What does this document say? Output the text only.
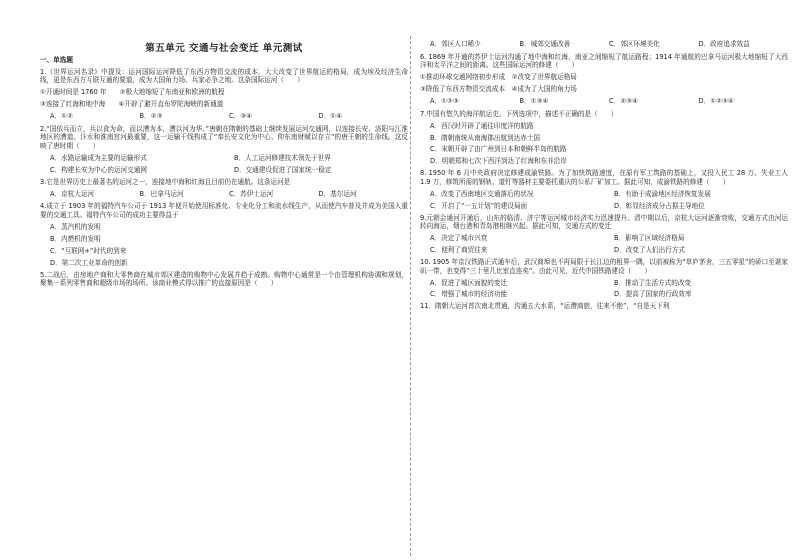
第五单元 交通与社会变迁 单元测试
一、单选题

1.《世界运河名录》中提及：运河国际运河降低了东西方物资交流的成本，大大改变了世界航运的格局，成为埃及经济生命线，更是东西方互联互通的要道，成为大国角力场、兵家必争之地。这条国际运河（　　）

①开通时间是 1760 年　　②极大地缩短了东南亚和欧洲的航程

③连接了红海和地中海　　④开辟了避开直布罗陀海峡的新通道

A．①②	B．②③	C．③④	D．①④

2.“国依兵而立，兵以食为命，而以漕为本，漕以河为华。”唐朝在隋朝的基础上继续发展运河交通网，以连接长安、洛阳与江淮地区的漕道、汴水和淮南宫河最重要，这一运输干线构成了“奉长安文化为中心、仰东南财赋以存立”的唐王朝的生命线。这反映了唐时期（　　）

A．水路运输成为主要的运输形式	B．人工运河修建技术领先于世界
C．构建长安为中心的运河交通网	D．交通建设促进了国家统一稳定

3.它是世界历史上最著名的运河之一，连接地中海和红海且目前仍在通航。这条运河是

A．京杭大运河	B．巴拿马运河	C．苏伊士运河	D．基尔运河

4.成立于 1903 年的福特汽车公司于 1913 年便开始使用标准化、专业化分工和流水线生产，从而使汽车普及并成为美国人重要的交通工具。福特汽车公司的成功主要得益于

A．蒸汽机的发明
B．内燃机的发明
C．“互联网+”时代的到来
D．第二次工业革命的创新

5.二战后，由房地产商和大零售商在城市郊区建造的购物中心发展并趋于成熟。购物中心通常是一个由管理机构协调和规划，聚集一系列零售商和超级市场的场所。该商业模式得以推广的直接原因是（　　）

A．郊区人口稀少	B．城郊交通改善	C．郊区环境美化	D．政府追求效益

6. 1869 年开通的苏伊士运河沟通了地中海和红海，南亚之间缩短了航运路程；1914 年通航的巴拿马运河极大地缩短了大西洋和太平洋之间的距离。这些国际运河的修建（　　）

①推动环球交通网络初步形成　②改变了世界航运格局

③降低了东西方物资交流成本　④成为了大国的角力场

A．①②③	B．①③④	C．②③④	D．①②③④

7.中国有悠久的海洋航运史。下列选项中，描述不正确的是（　　）

A．西汉时开辟了通往印度洋的航路
B．隋朝南统从南海郡出航到达赤土国
C．宋朝开辟了由广州到日本和朝鲜半岛的航路
D．明朝郑和七次下西洋到达了红海和东非沿岸

8. 1950 年 6 月中央政府决定修建成渝铁路。为了加快筑路速度，在原有军工筑路的基础上，又投入民工 28 万、失业工人 1.9 万，修筑所需的钢轨、道钉等器材主要委托重庆的公私厂矿加工。据此可知，成渝铁路的修建（　　）

A．改变了西南地区交通落后的状况	B．有助于成渝地区经济恢复发展
C．开启了“一五计划”的建设局面	D．彰显经济成分占据主导地位

9.元朝会通河开通后，山东的临清、济宁等运河城市经济实力迅速提升。清中期以后，京杭大运河逐渐衰败，交通方式由河运转向海运，烟台港和青岛港相继兴起。据此可知，交通方式的变迁

A．决定了城市兴衰	B．影响了区域经济格局
C．便利了商贸往来	D．改变了人们出行方式

10. 1905 年京汉铁路正式通车后，武汉商埠也不再局限于长江边的租界一隅，以前被称为“草庐茅舍，三五零星”的硚口至谌家矶一带，也变得“三十里几比室直连矣”。由此可见，近代中国铁路建设（　　）

A．促进了城区面貌的变迁	B．推动了生活方式的改变
C．增强了城市的经济功能	D．提高了国家的行政效率

11．隋朝大运河首次南北贯通，沟通五大水系，“运漕商旅，往来不绝”，“自是天下利
